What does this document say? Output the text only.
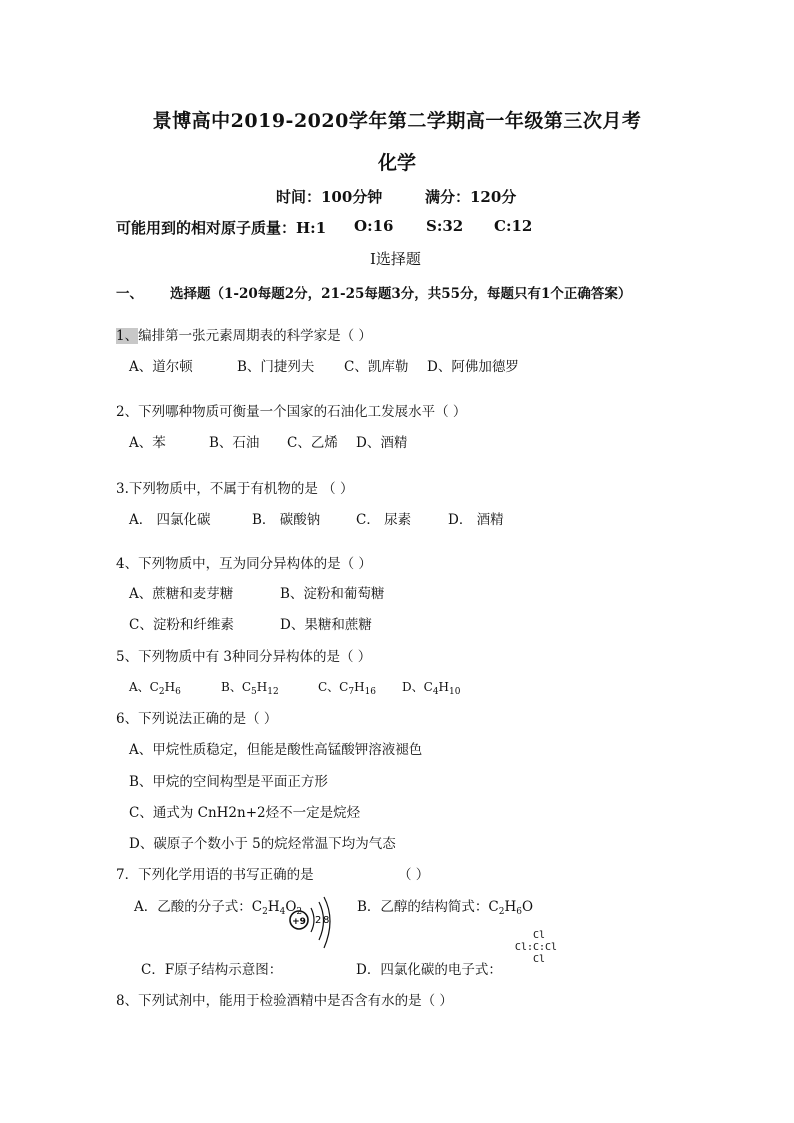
景博高中2019-2020学年第二学期高一年级第三次月考
化学
时间：100分钟	满分：120分
可能用到的相对原子质量：H:1 O:16 S:32 C:12
Ⅰ选择题
一、 选择题（1-20每题2分，21-25每题3分，共55分，每题只有1个正确答案）
1、编排第一张元素周期表的科学家是（ ）
A、道尔顿	B、门捷列夫 C、凯库勒 D、阿佛加德罗
2、下列哪种物质可衡量一个国家的石油化工发展水平（ ）
A、苯	B、石油 C、乙烯 D、酒精
3.下列物质中，不属于有机物的是 （ ）
A． 四氯化碳	B． 碳酸钠	C． 尿素	D． 酒精
4、下列物质中，互为同分异构体的是（ ）
A、蔗糖和麦芽糖	B、淀粉和葡萄糖
C、淀粉和纤维素	D、果糖和蔗糖
5、下列物质中有 3种同分异构体的是（ ）
A、$C_2H_6$	B、$C_5H_{12}$	C、$C_7H_{16}$ D、$C_4H_{10}$
6、下列说法正确的是（ ）
A、甲烷性质稳定，但能是酸性高锰酸钾溶液褪色
B、甲烷的空间构型是平面正方形
C、通式为 CnH2n+2烃不一定是烷烃
D、碳原子个数小于 5的烷烃常温下均为气态
7．下列化学用语的书写正确的是	（ ）
A．乙酸的分子式：$C_2H_4O_2$	B．乙醇的结构简式：$C_2H_6O$
+9 2 8
C．F原子结构示意图：	D．四氯化碳的电子式：
Cl
Cl:C:Cl
Cl
8、下列试剂中，能用于检验酒精中是否含有水的是（ ）
